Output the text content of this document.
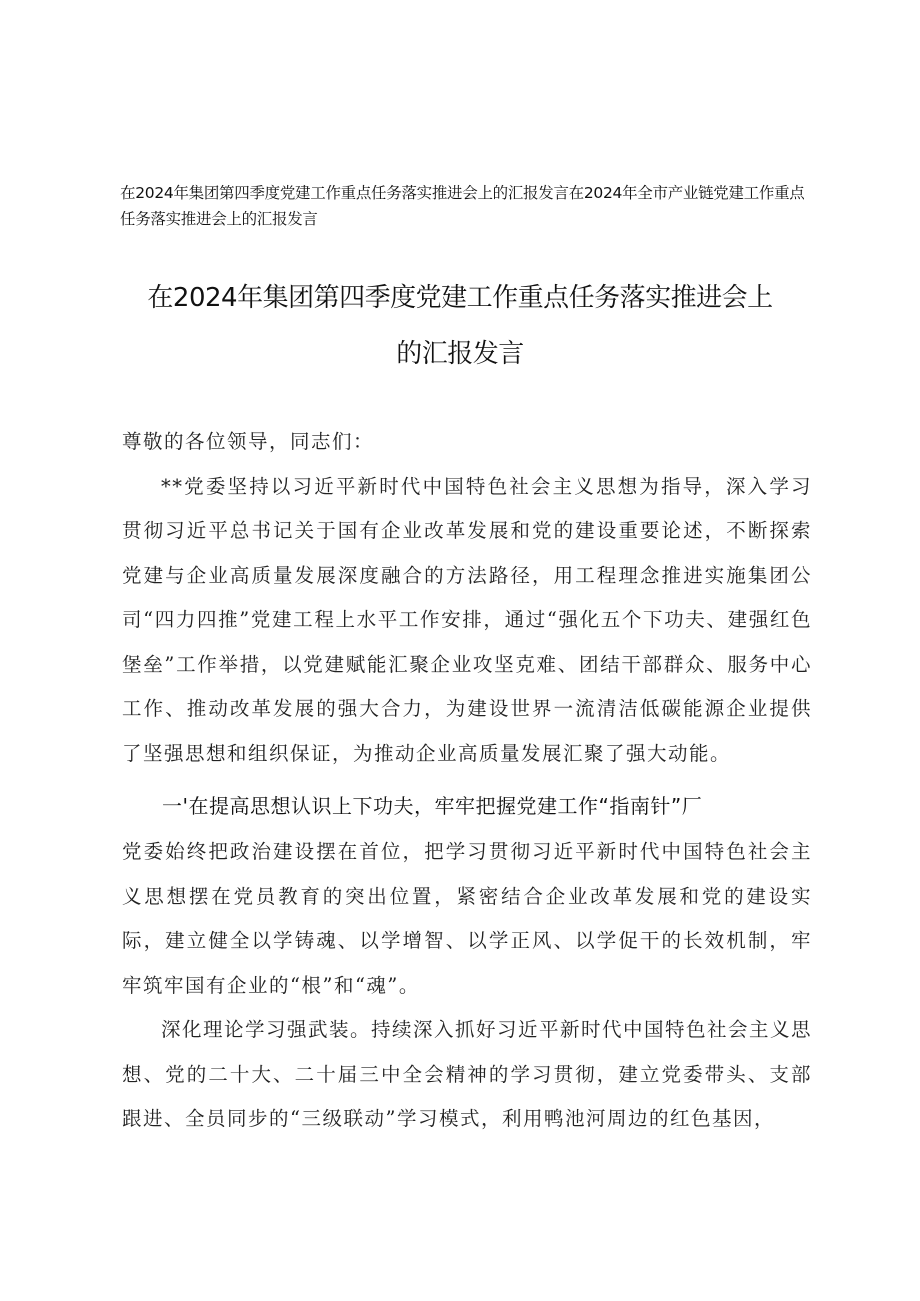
在2024年集团第四季度党建工作重点任务落实推进会上的汇报发言在2024年全市产业链党建工作重点任务落实推进会上的汇报发言
在2024年集团第四季度党建工作重点任务落实推进会上
的汇报发言

尊敬的各位领导，同志们：

**党委坚持以习近平新时代中国特色社会主义思想为指导，深入学习贯彻习近平总书记关于国有企业改革发展和党的建设重要论述，不断探索党建与企业高质量发展深度融合的方法路径，用工程理念推进实施集团公司“四力四推”党建工程上水平工作安排，通过“强化五个下功夫、建强红色堡垒”工作举措，以党建赋能汇聚企业攻坚克难、团结干部群众、服务中心工作、推动改革发展的强大合力，为建设世界一流清洁低碳能源企业提供了坚强思想和组织保证，为推动企业高质量发展汇聚了强大动能。

一'在提高思想认识上下功夫，牢牢把握党建工作“指南针”厂

党委始终把政治建设摆在首位，把学习贯彻习近平新时代中国特色社会主义思想摆在党员教育的突出位置，紧密结合企业改革发展和党的建设实际，建立健全以学铸魂、以学增智、以学正风、以学促干的长效机制，牢牢筑牢国有企业的“根”和“魂”。

深化理论学习强武装。持续深入抓好习近平新时代中国特色社会主义思想、党的二十大、二十届三中全会精神的学习贯彻，建立党委带头、支部跟进、全员同步的“三级联动”学习模式，利用鸭池河周边的红色基因，
